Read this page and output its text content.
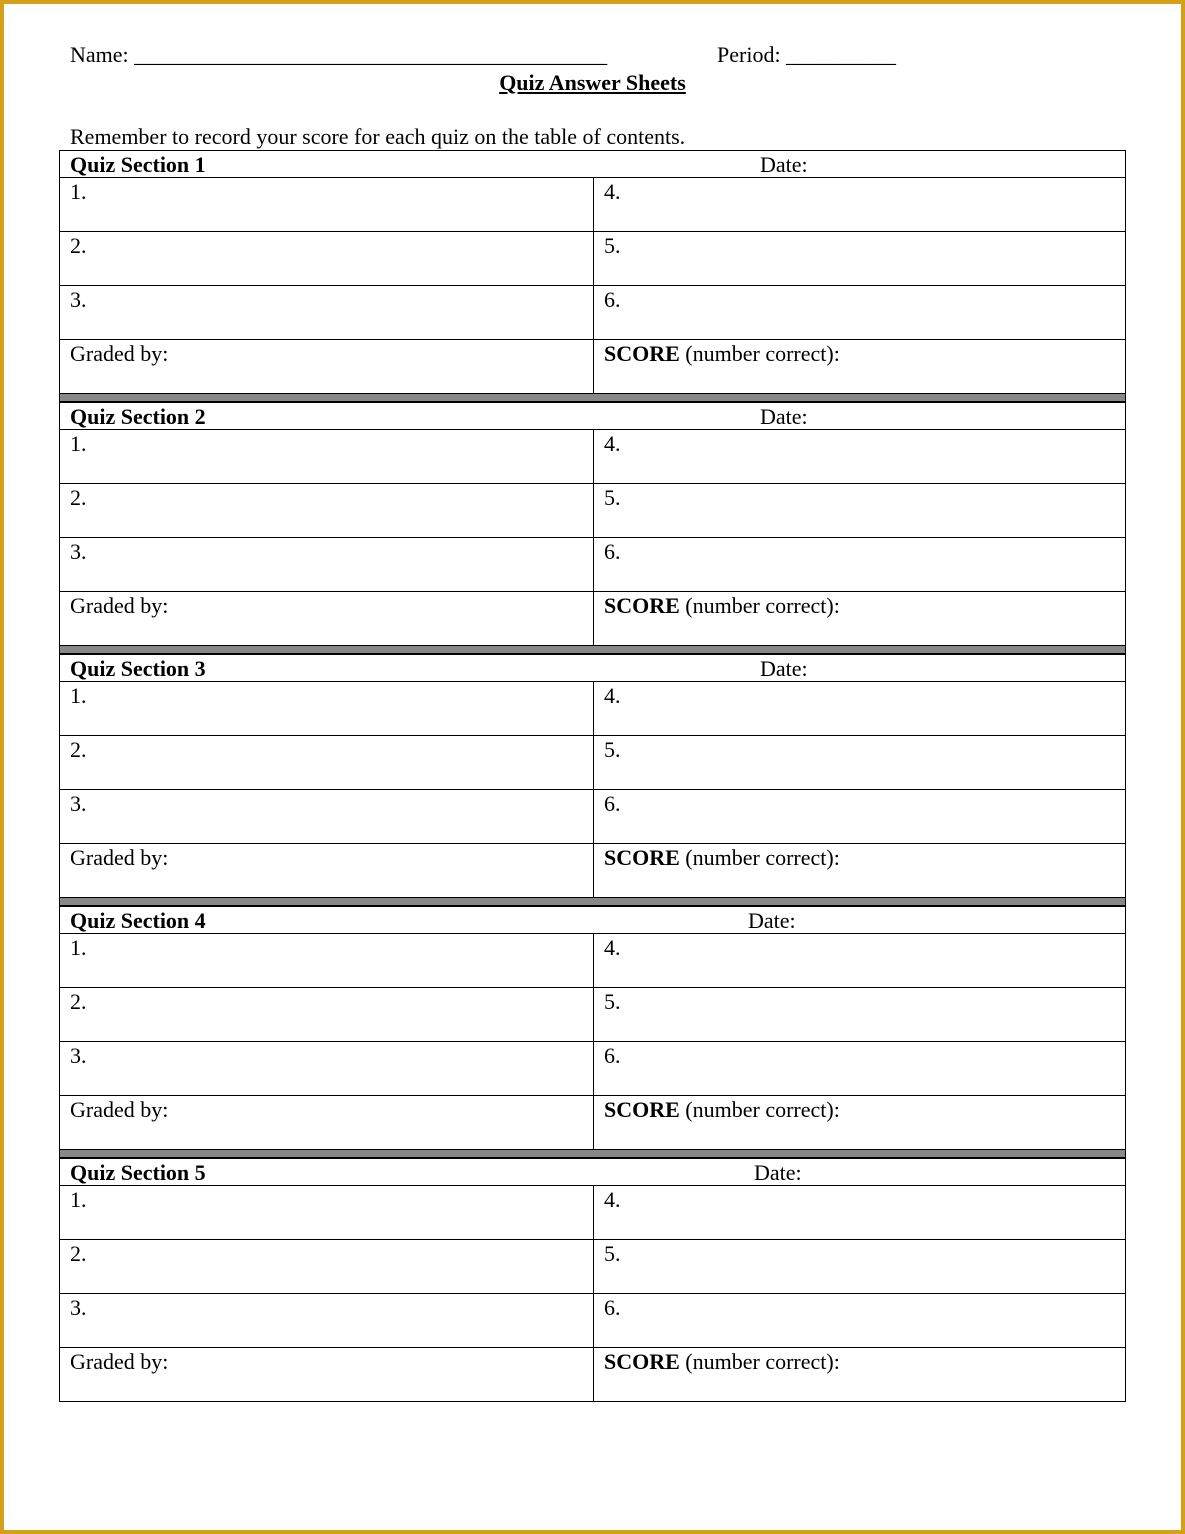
Name: ___________________________________________	Period: __________
Quiz Answer Sheets
Remember to record your score for each quiz on the table of contents.
Quiz Section 1	Date:
1.	4.

2.	5.

3.	6.

Graded by:	SCORE (number correct):
Quiz Section 2	Date:
1.	4.

2.	5.

3.	6.

Graded by:	SCORE (number correct):
Quiz Section 3	Date:
1.	4.

2.	5.

3.	6.

Graded by:	SCORE (number correct):
Quiz Section 4	Date:
1.	4.

2.	5.

3.	6.

Graded by:	SCORE (number correct):
Quiz Section 5	Date:
1.	4.

2.	5.

3.	6.

Graded by:	SCORE (number correct):
